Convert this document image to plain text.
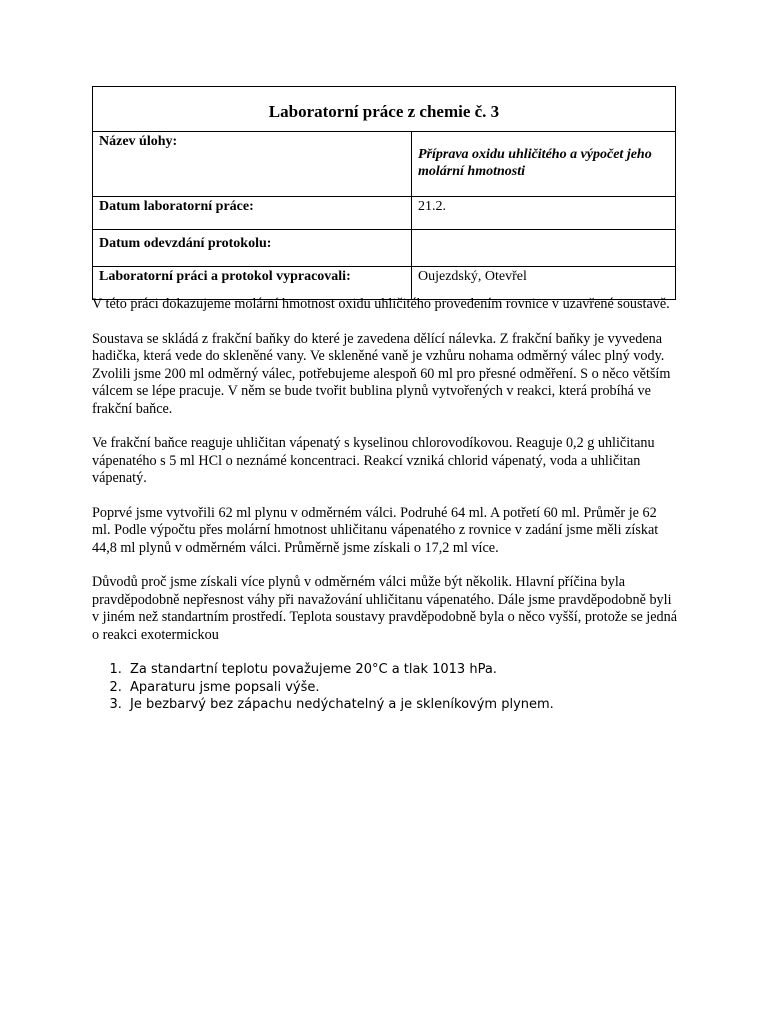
Laboratorní práce z chemie č. 3	
Název úlohy:	Příprava oxidu uhličitého a výpočet jeho molární hmotnosti
Datum laboratorní práce:	21.2.
Datum odevzdání protokolu:	
Laboratorní práci a protokol vypracovali:	Oujezdský, Otevřel

V této práci dokazujeme molární hmotnost oxidu uhličitého provedením rovnice v uzavřené soustavě.

Soustava se skládá z frakční baňky do které je zavedena dělící nálevka. Z frakční baňky je vyvedena hadička, která vede do skleněné vany. Ve skleněné vaně je vzhůru nohama odměrný válec plný vody. Zvolili jsme 200 ml odměrný válec, potřebujeme alespoň 60 ml pro přesné odměření. S o něco větším válcem se lépe pracuje. V něm se bude tvořit bublina plynů vytvořených v reakci, která probíhá ve frakční baňce.

Ve frakční baňce reaguje uhličitan vápenatý s kyselinou chlorovodíkovou. Reaguje 0,2 g uhličitanu vápenatého s 5 ml HCl o neznámé koncentraci. Reakcí vzniká chlorid vápenatý, voda a uhličitan vápenatý.

Poprvé jsme vytvořili 62 ml plynu v odměrném válci. Podruhé 64 ml. A potřetí 60 ml. Průměr je 62 ml. Podle výpočtu přes molární hmotnost uhličitanu vápenatého z rovnice v zadání jsme měli získat 44,8 ml plynů v odměrném válci. Průměrně jsme získali o 17,2 ml více.

Důvodů proč jsme získali více plynů v odměrném válci může být několik. Hlavní příčina byla pravděpodobně nepřesnost váhy při navažování uhličitanu vápenatého. Dále jsme pravděpodobně byli v jiném než standartním prostředí. Teplota soustavy pravděpodobně byla o něco vyšší, protože se jedná o reakci exotermickou

1. Za standartní teplotu považujeme 20°C a tlak 1013 hPa.
2. Aparaturu jsme popsali výše.
3. Je bezbarvý bez zápachu nedýchatelný a je skleníkovým plynem.
